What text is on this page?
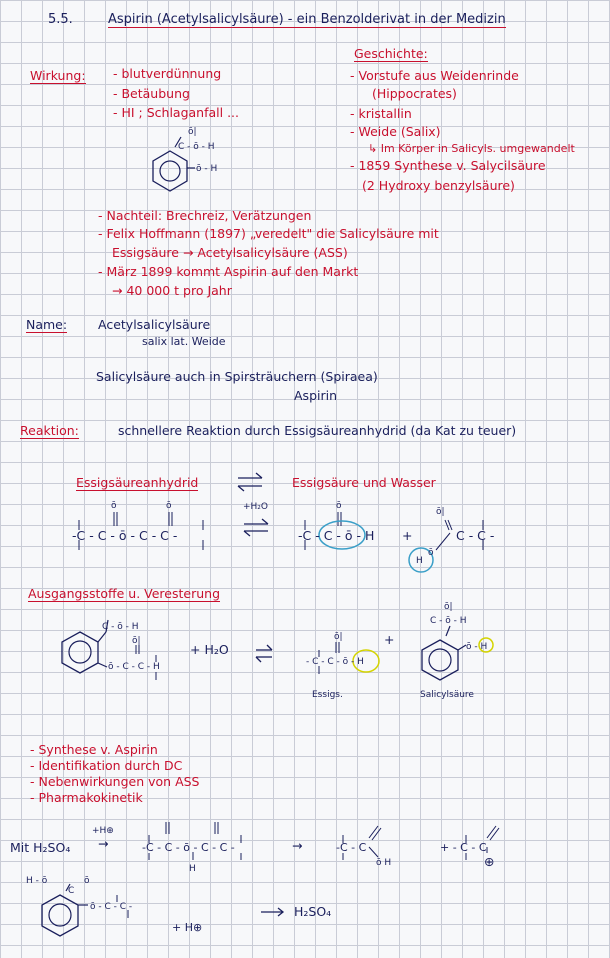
5.5.	Aspirin (Acetylsalicylsäure) - ein Benzolderivat in der Medizin
Wirkung: - blutverdünnung
- Betäubung
- HI ; Schlaganfall ...
Geschichte:
- Vorstufe aus Weidenrinde
(Hippocrates)
- kristallin
- Weide (Salix)
↳ Im Körper in Salicyls. umgewandelt
- 1859 Synthese v. Salycilsäure
(2 Hydroxy benzylsäure)
ō|
C - ō - H
ō - H
- Nachteil: Brechreiz, Verätzungen
- Felix Hoffmann (1897) „veredelt" die Salicylsäure mit
Essigsäure → Acetylsalicylsäure (ASS)
- März 1899 kommt Aspirin auf den Markt
→ 40 000 t pro Jahr
Name: Acetylsalicylsäure
salix lat. Weide
Salicylsäure auch in Spirsträuchern (Spiraea)
Aspirin
Reaktion:	schnellere Reaktion durch Essigsäureanhydrid (da Kat zu teuer)
Essigsäureanhydrid	Essigsäure und Wasser
+H₂O
ō	ō
-C - C - ō - C - C -
ō
-C - C - ō - H +
ō|
H
ō
C - C -
Ausgangsstoffe u. Veresterung
C - ō - H
ō|
ō - C - C - H
+ H₂O
ō|
- C - C - ō - H
+
Essigs.
ō|
C - ō - H
ō - H
Salicylsäure
- Synthese v. Aspirin
- Identifikation durch DC
- Nebenwirkungen von ASS
- Pharmakokinetik
Mit H₂SO₄
+H⊕
→	-C - C - ō - C - C -
H
→	-C - C
ō H
+ - C - C
⊕
H - ō	ō
C
ō - C - C -
+ H⊕
H₂SO₄
